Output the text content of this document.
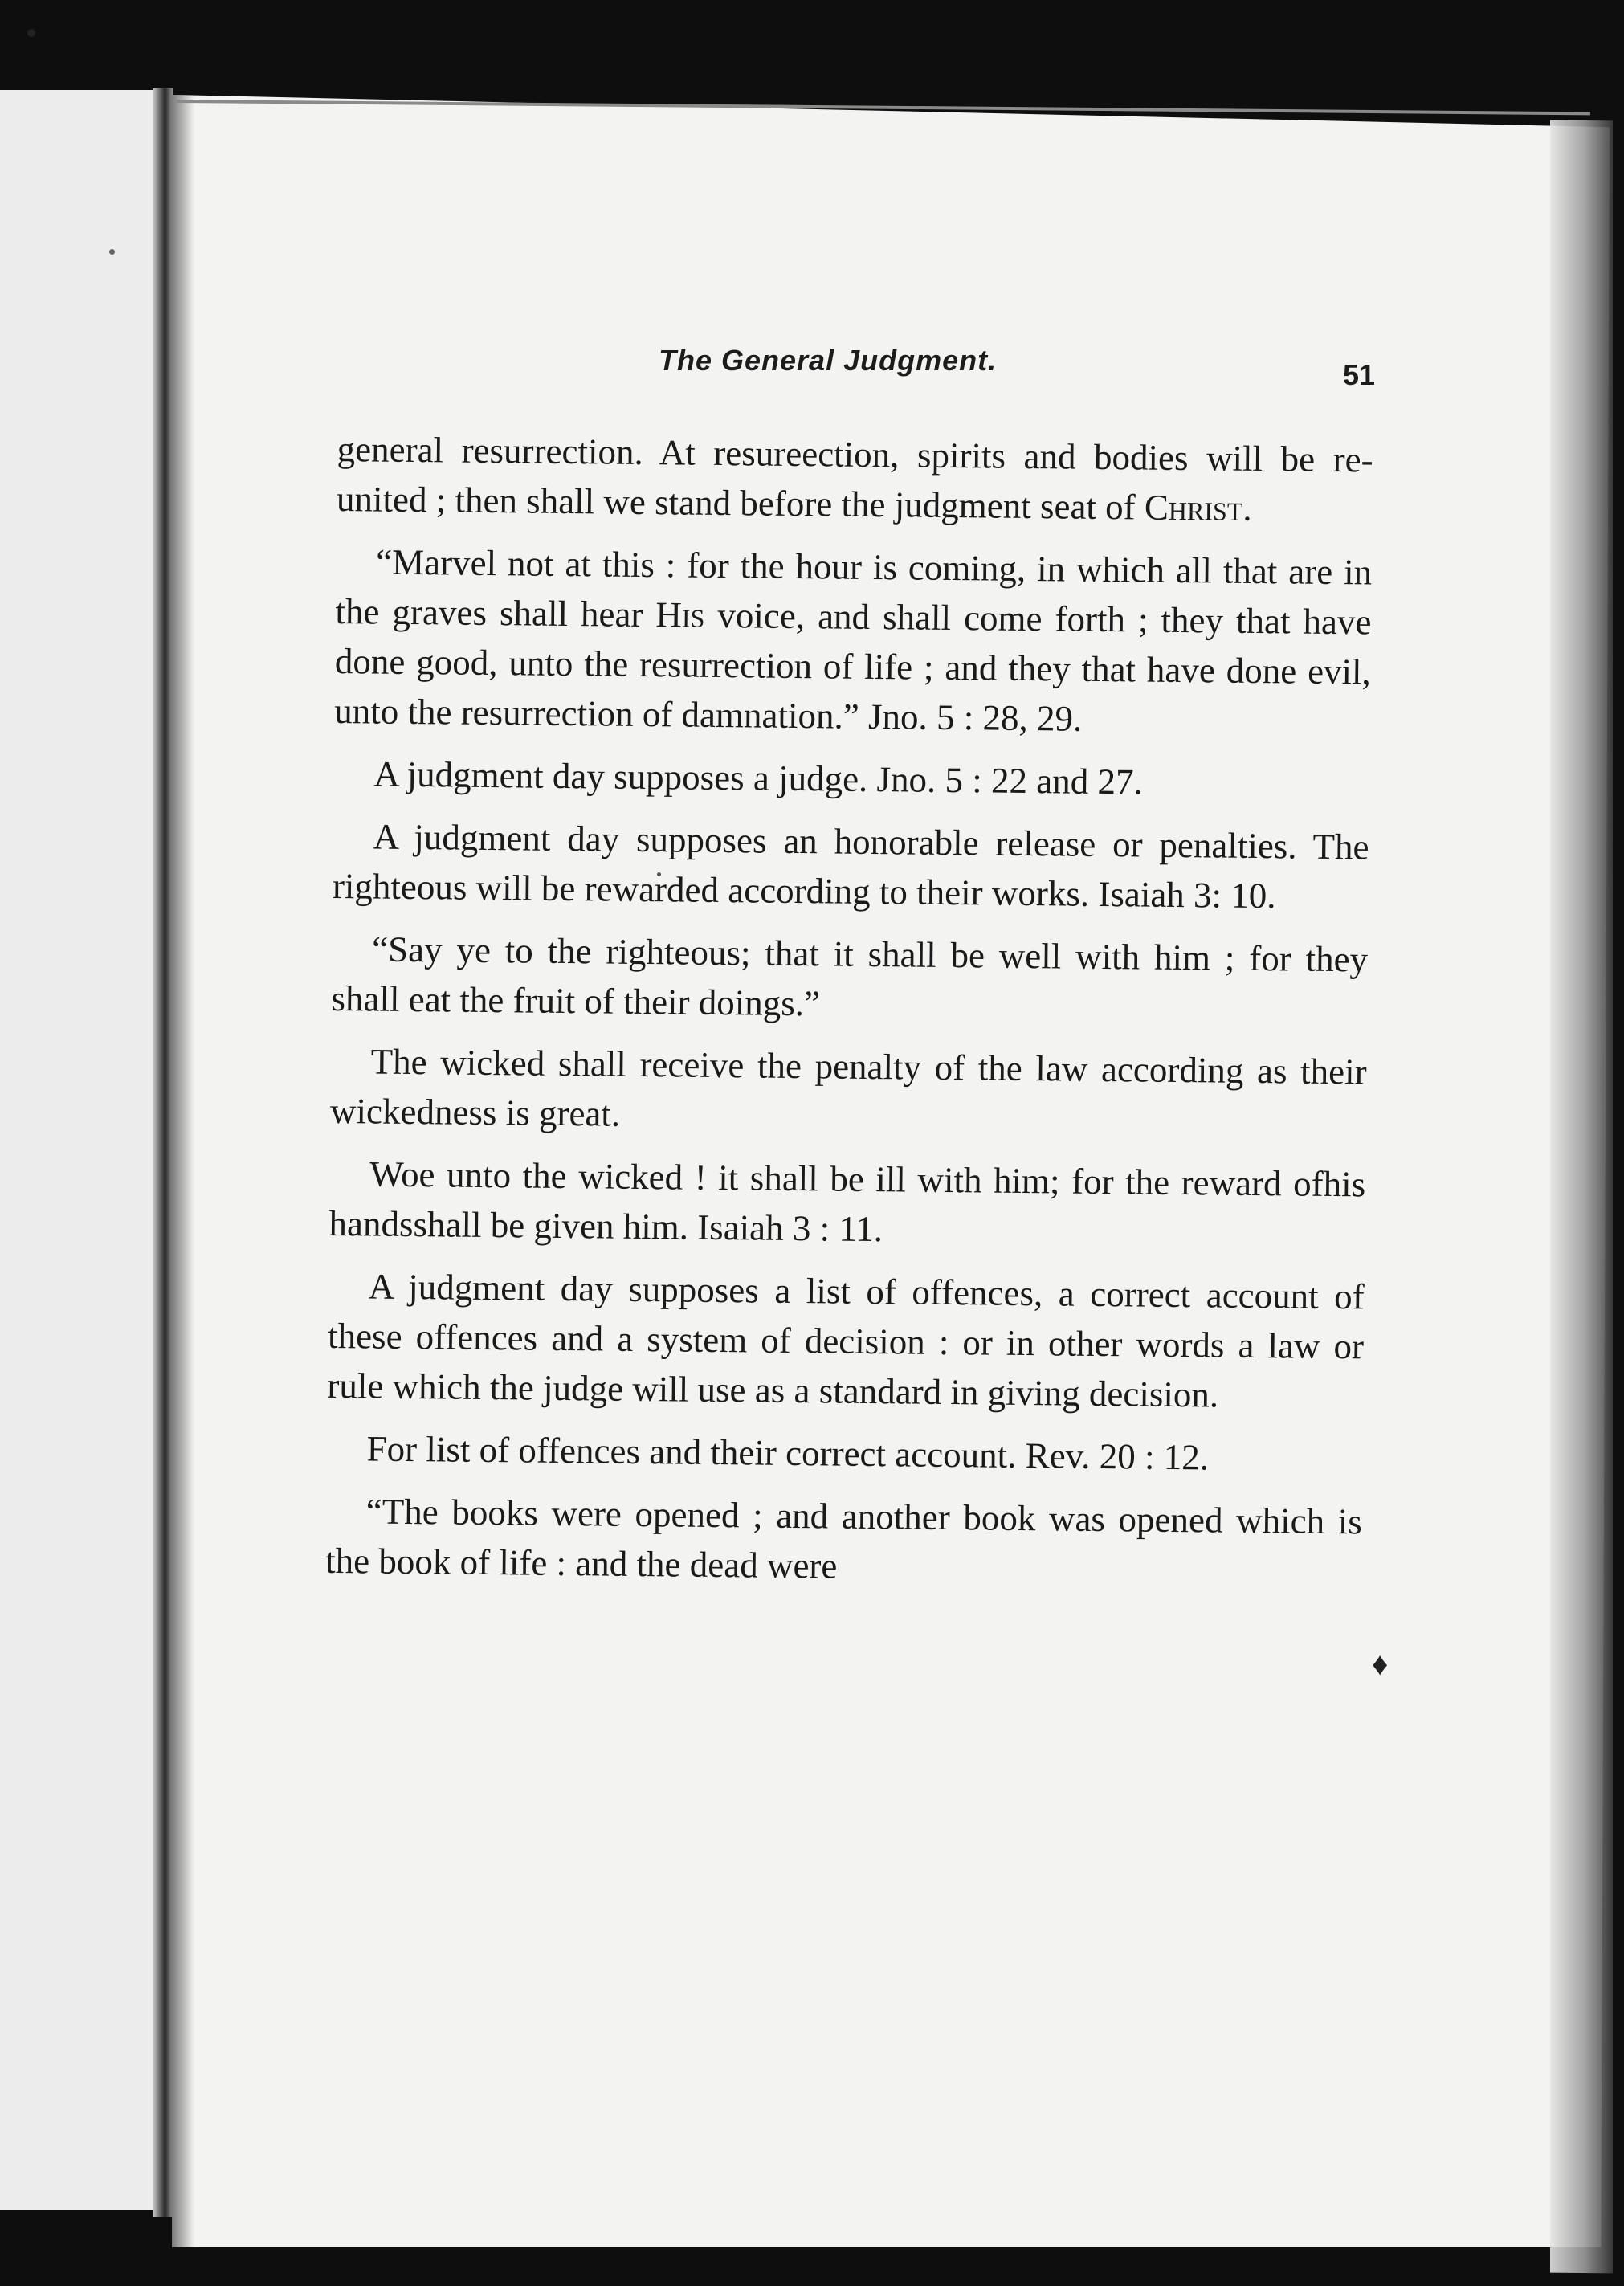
The General Judgment.	51

general resurrection. At resureection, spirits and bodies will be re-united ; then shall we stand before the judgment seat of Christ.

“Marvel not at this : for the hour is coming, in which all that are in the graves shall hear His voice, and shall come forth ; they that have done good, unto the resurrection of life ; and they that have done evil, unto the resurrection of damnation.” Jno. 5 : 28, 29.

A judgment day supposes a judge. Jno. 5 : 22 and 27.

A judgment day supposes an honorable release or penalties. The righteous will be rewarded according to their works. Isaiah 3: 10.

“Say ye to the righteous; that it shall be well with him ; for they shall eat the fruit of their doings.”

The wicked shall receive the penalty of the law according as their wickedness is great.

Woe unto the wicked ! it shall be ill with him; for the reward ofhis handsshall be given him. Isaiah 3 : 11.

A judgment day supposes a list of offences, a correct account of these offences and a system of decision : or in other words a law or rule which the judge will use as a standard in giving decision.

For list of offences and their correct account. Rev. 20 : 12.

“The books were opened ; and another book was opened which is the book of life : and the dead were

♦
